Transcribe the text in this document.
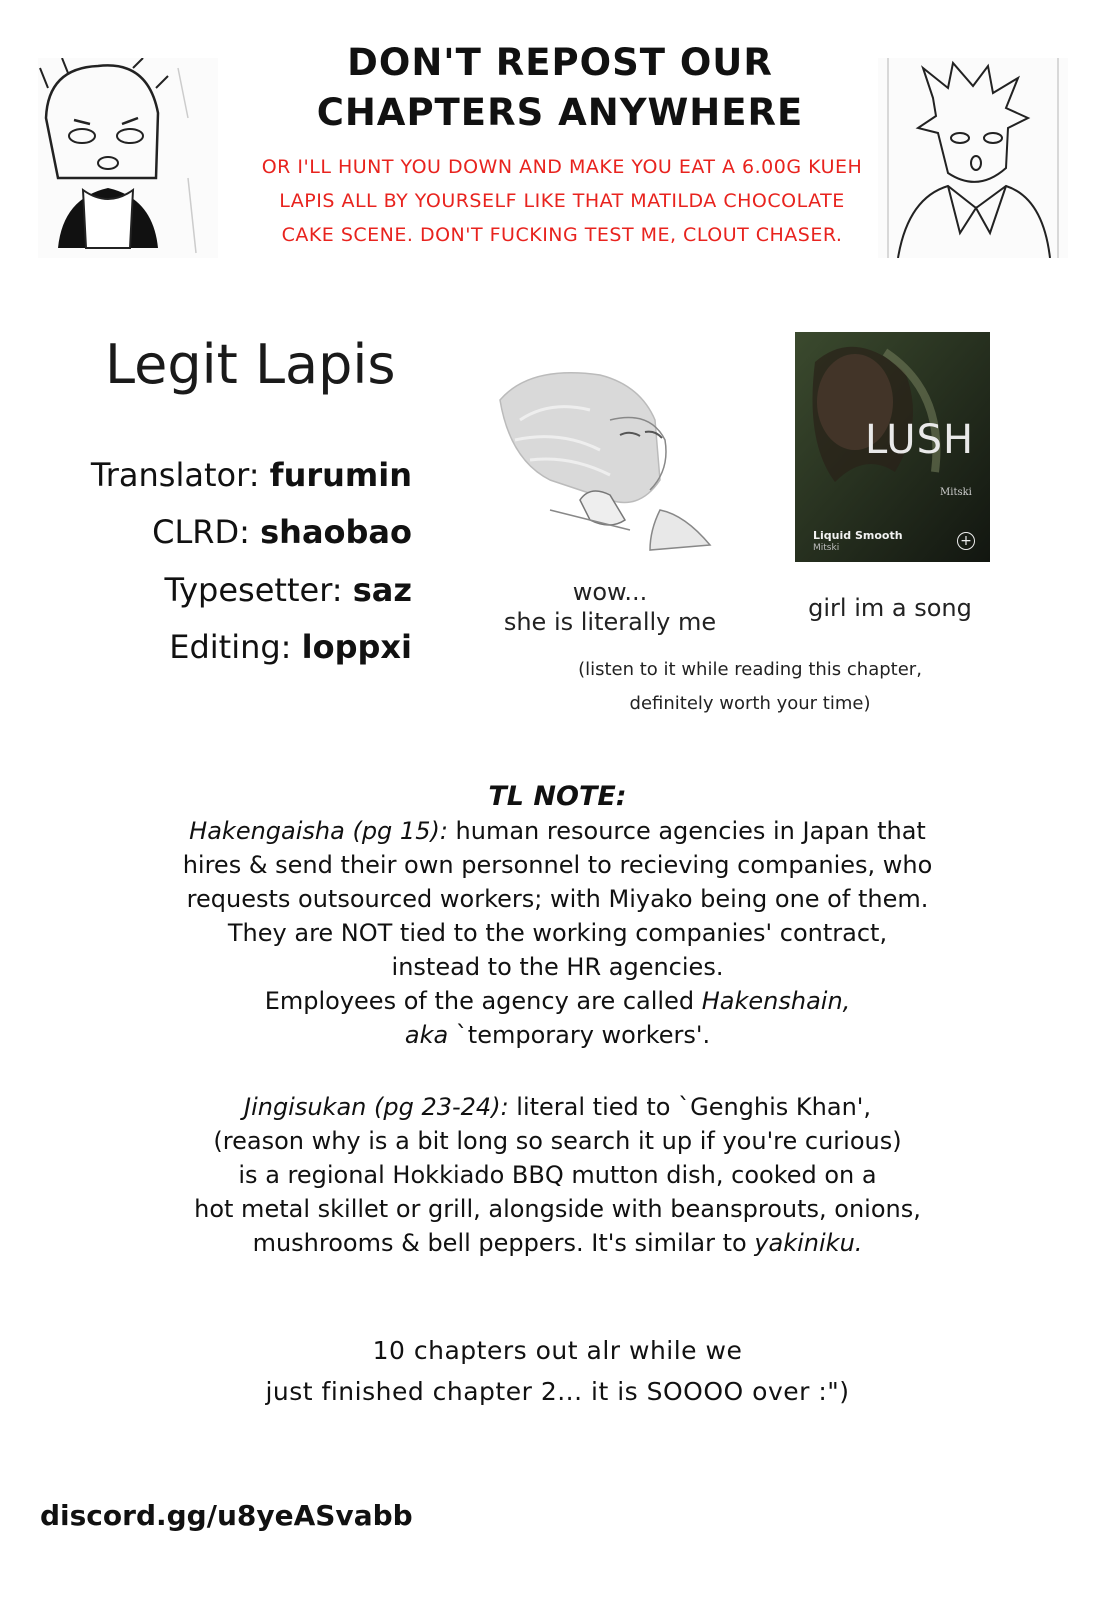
DON'T REPOST OUR
CHAPTERS ANYWHERE
OR I'LL HUNT YOU DOWN AND MAKE YOU EAT A 6.00G KUEH
LAPIS ALL BY YOURSELF LIKE THAT MATILDA CHOCOLATE
CAKE SCENE. DON'T FUCKING TEST ME, CLOUT CHASER.
Legit Lapis
Translator: furumin
CLRD: shaobao
Typesetter: saz
Editing: loppxi
wow...
she is literally me
LUSH
Mitski
Liquid Smooth
Mitski	+
girl im a song
(listen to it while reading this chapter,
definitely worth your time)
TL NOTE:
Hakengaisha (pg 15): human resource agencies in Japan that
hires & send their own personnel to recieving companies, who
requests outsourced workers; with Miyako being one of them.
They are NOT tied to the working companies' contract,
instead to the HR agencies.
Employees of the agency are called Hakenshain,
aka `temporary workers'.
Jingisukan (pg 23-24): literal tied to `Genghis Khan',
(reason why is a bit long so search it up if you're curious)
is a regional Hokkiado BBQ mutton dish, cooked on a
hot metal skillet or grill, alongside with beansprouts, onions,
mushrooms & bell peppers. It's similar to yakiniku.
10 chapters out alr while we
just finished chapter 2... it is SOOOO over :")
discord.gg/u8yeASvabb
